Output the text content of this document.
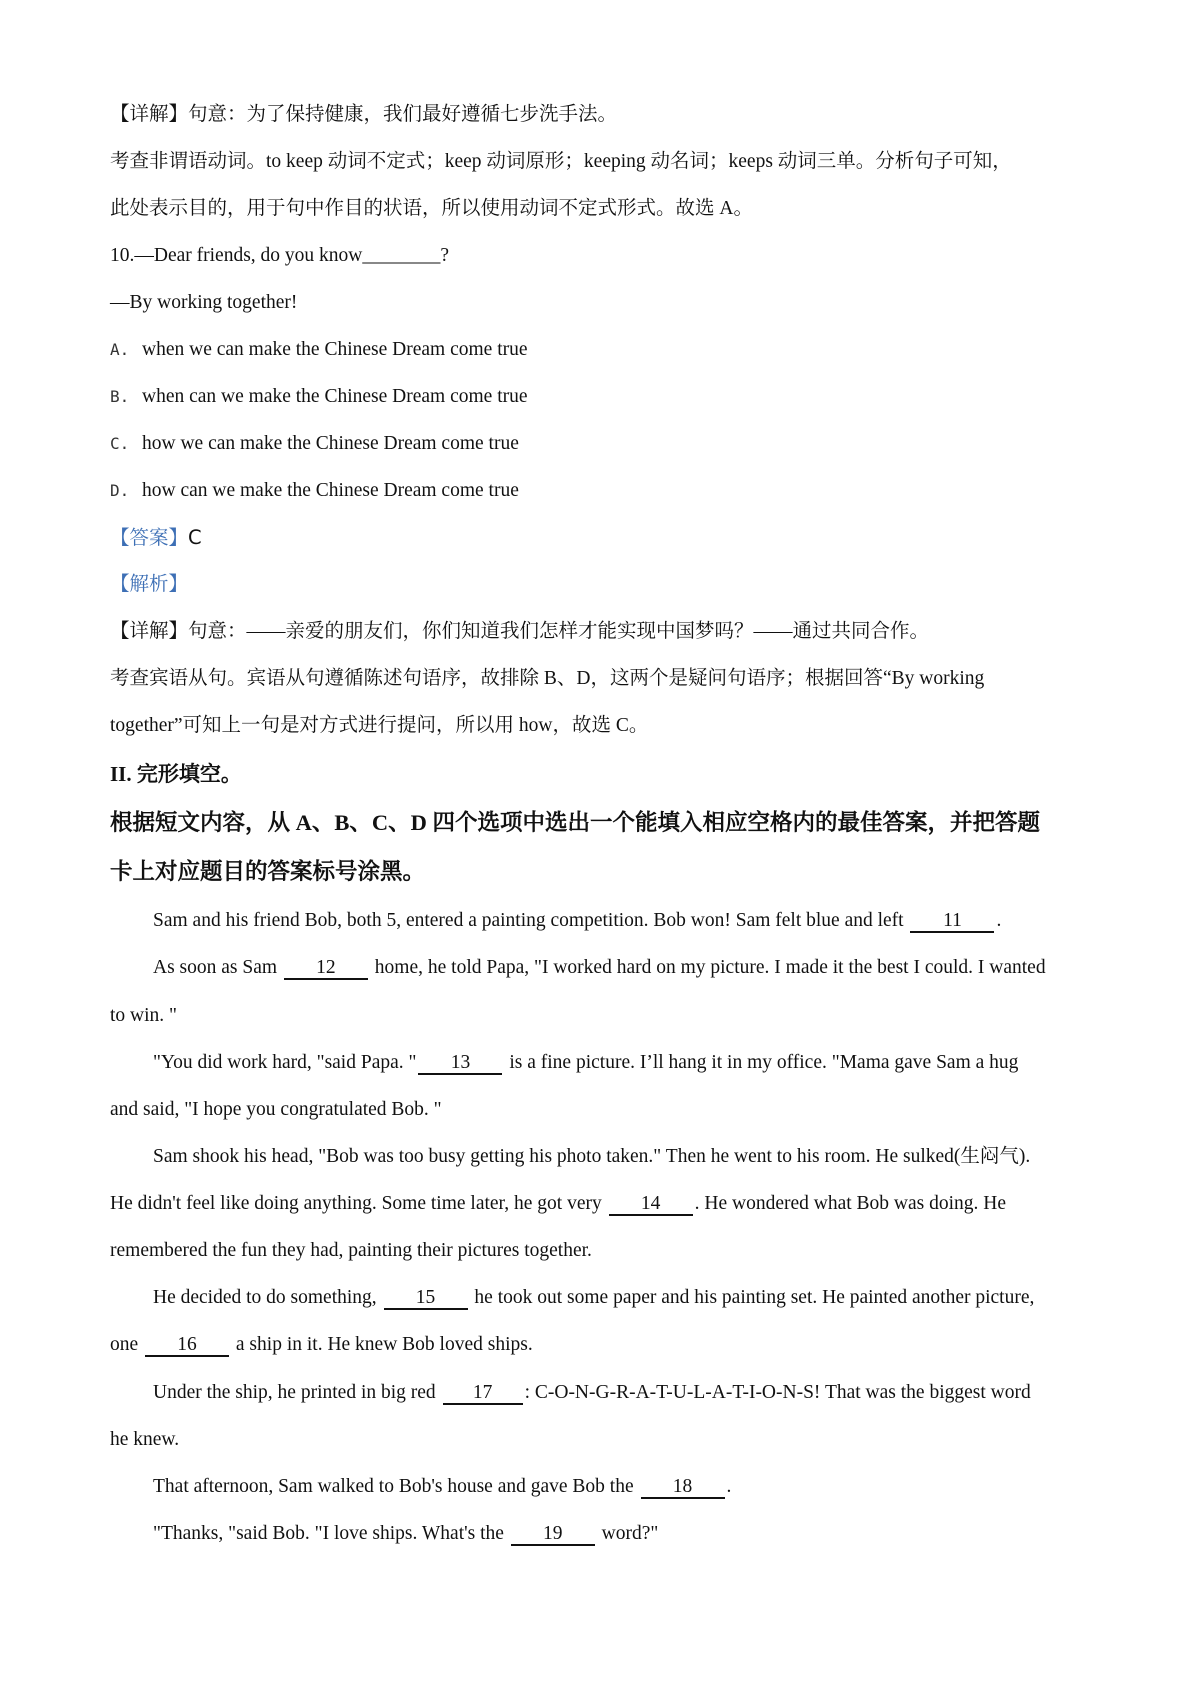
【详解】句意：为了保持健康，我们最好遵循七步洗手法。
考查非谓语动词。to keep 动词不定式；keep 动词原形；keeping 动名词；keeps 动词三单。分析句子可知，
此处表示目的，用于句中作目的状语，所以使用动词不定式形式。故选 A。
10.—Dear friends, do you know________?
—By working together!
A. when we can make the Chinese Dream come true
B. when can we make the Chinese Dream come true
C. how we can make the Chinese Dream come true
D. how can we make the Chinese Dream come true
【答案】C
【解析】
【详解】句意：——亲爱的朋友们，你们知道我们怎样才能实现中国梦吗？——通过共同合作。
考查宾语从句。宾语从句遵循陈述句语序，故排除 B、D，这两个是疑问句语序；根据回答“By working
together”可知上一句是对方式进行提问，所以用 how，故选 C。
II. 完形填空。
根据短文内容，从 A、B、C、D 四个选项中选出一个能填入相应空格内的最佳答案，并把答题
卡上对应题目的答案标号涂黑。
Sam and his friend Bob, both 5, entered a painting competition. Bob won! Sam felt blue and left 11 .
As soon as Sam 12 home, he told Papa, "I worked hard on my picture. I made it the best I could. I wanted
to win. "
"You did work hard, "said Papa. " 13 is a fine picture. I’ll hang it in my office. "Mama gave Sam a hug
and said, "I hope you congratulated Bob. "
Sam shook his head, "Bob was too busy getting his photo taken." Then he went to his room. He sulked(生闷气).
He didn't feel like doing anything. Some time later, he got very 14 . He wondered what Bob was doing. He
remembered the fun they had, painting their pictures together.
He decided to do something, 15 he took out some paper and his painting set. He painted another picture,
one 16 a ship in it. He knew Bob loved ships.
Under the ship, he printed in big red 17 : C-O-N-G-R-A-T-U-L-A-T-I-O-N-S! That was the biggest word
he knew.
That afternoon, Sam walked to Bob's house and gave Bob the 18 .
"Thanks, "said Bob. "I love ships. What's the 19 word?"
